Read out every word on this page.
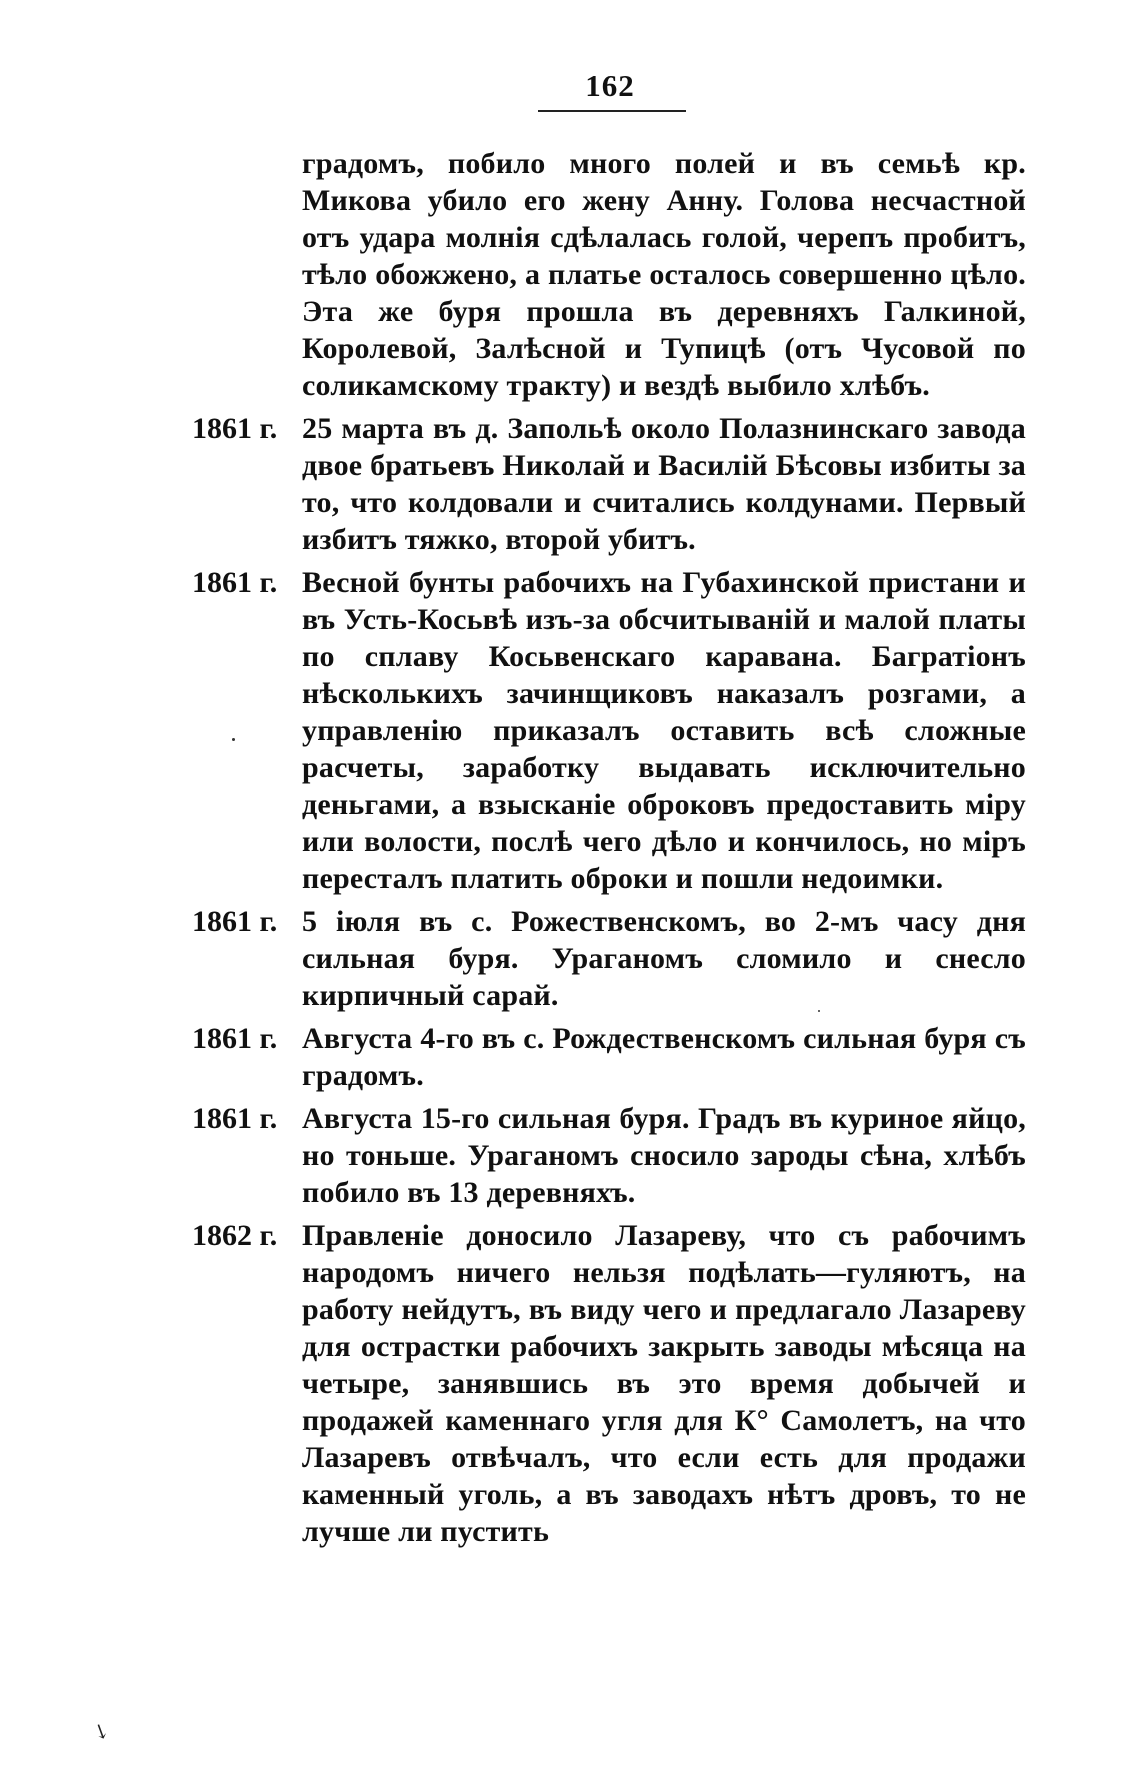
162
градомъ, побило много полей и въ семьѣ кр. Микова убило его жену Анну. Голова несчастной отъ удара молнія сдѣлалась голой, черепъ пробитъ, тѣло обожжено, а платье осталось совершенно цѣло. Эта же буря прошла въ деревняхъ Галкиной, Королевой, Залѣсной и Тупицѣ (отъ Чусовой по соликамскому тракту) и вездѣ выбило хлѣбъ.
1861 г. 25 марта въ д. Запольѣ около Полазнинскаго завода двое братьевъ Николай и Василій Бѣсовы избиты за то, что колдовали и считались колдунами. Первый избитъ тяжко, второй убитъ.
1861 г. Весной бунты рабочихъ на Губахинской пристани и въ Усть-Косьвѣ изъ-за обсчитываній и малой платы по сплаву Косьвенскаго каравана. Багратіонъ нѣсколькихъ зачинщиковъ наказалъ розгами, а управленію приказалъ оставить всѣ сложные расчеты, заработку выдавать исключительно деньгами, а взысканіе оброковъ предоставить міру или волости, послѣ чего дѣло и кончилось, но міръ пересталъ платить оброки и пошли недоимки.
1861 г. 5 іюля въ с. Рожественскомъ, во 2-мъ часу дня сильная буря. Ураганомъ сломило и снесло кирпичный сарай.
1861 г. Августа 4-го въ с. Рождественскомъ сильная буря съ градомъ.
1861 г. Августа 15-го сильная буря. Градъ въ куриное яйцо, но тоньше. Ураганомъ сносило зароды сѣна, хлѣбъ побило въ 13 деревняхъ.
1862 г. Правленіе доносило Лазареву, что съ рабочимъ народомъ ничего нельзя подѣлать—гуляютъ, на работу нейдутъ, въ виду чего и предлагало Лазареву для острастки рабочихъ закрыть заводы мѣсяца на четыре, занявшись въ это время добычей и продажей каменнаго угля для К° Самолетъ, на что Лазаревъ отвѣчалъ, что если есть для продажи каменный уголь, а въ заводахъ нѣтъ дровъ, то не лучше ли пустить
↘
